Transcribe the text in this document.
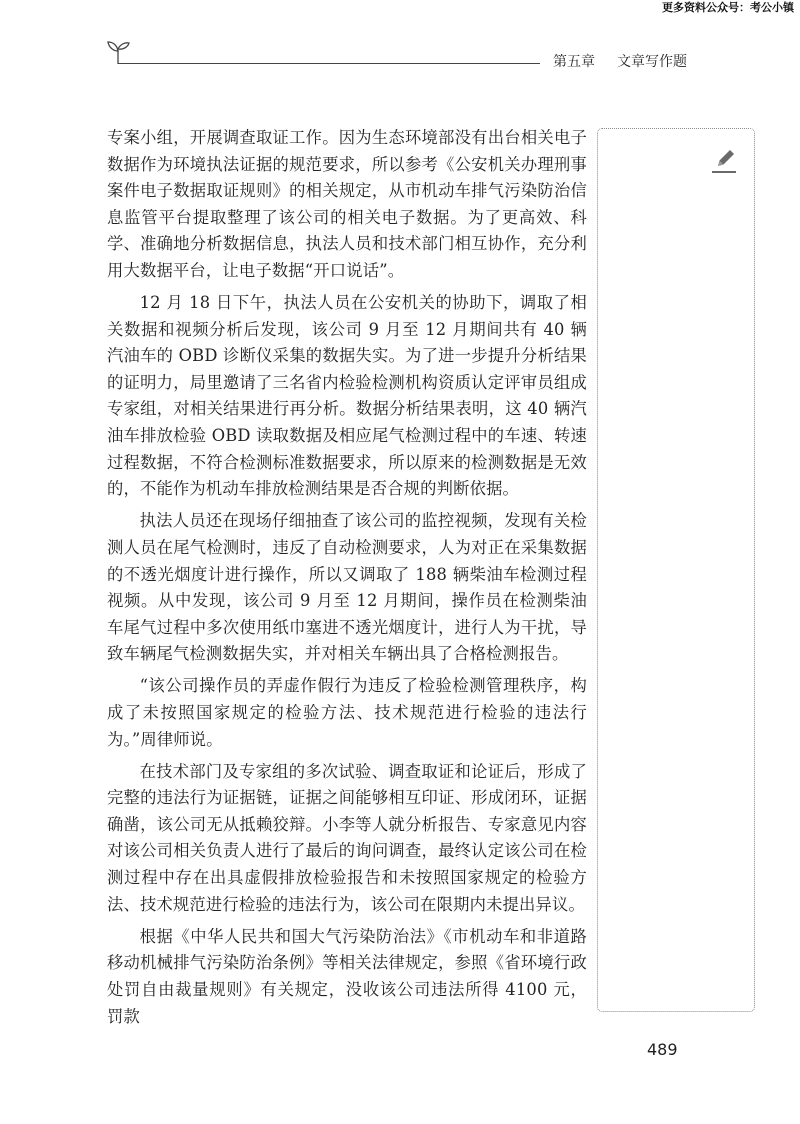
更多资料公众号：考公小镇
第五章 文章写作题

专案小组，开展调查取证工作。因为生态环境部没有出台相关电子数据作为环境执法证据的规范要求，所以参考《公安机关办理刑事案件电子数据取证规则》的相关规定，从市机动车排气污染防治信息监管平台提取整理了该公司的相关电子数据。为了更高效、科学、准确地分析数据信息，执法人员和技术部门相互协作，充分利用大数据平台，让电子数据“开口说话”。

12 月 18 日下午，执法人员在公安机关的协助下，调取了相关数据和视频分析后发现，该公司 9 月至 12 月期间共有 40 辆汽油车的 OBD 诊断仪采集的数据失实。为了进一步提升分析结果的证明力，局里邀请了三名省内检验检测机构资质认定评审员组成专家组，对相关结果进行再分析。数据分析结果表明，这 40 辆汽油车排放检验 OBD 读取数据及相应尾气检测过程中的车速、转速过程数据，不符合检测标准数据要求，所以原来的检测数据是无效的，不能作为机动车排放检测结果是否合规的判断依据。

执法人员还在现场仔细抽查了该公司的监控视频，发现有关检测人员在尾气检测时，违反了自动检测要求，人为对正在采集数据的不透光烟度计进行操作，所以又调取了 188 辆柴油车检测过程视频。从中发现，该公司 9 月至 12 月期间，操作员在检测柴油车尾气过程中多次使用纸巾塞进不透光烟度计，进行人为干扰，导致车辆尾气检测数据失实，并对相关车辆出具了合格检测报告。

“该公司操作员的弄虚作假行为违反了检验检测管理秩序，构成了未按照国家规定的检验方法、技术规范进行检验的违法行为。”周律师说。

在技术部门及专家组的多次试验、调查取证和论证后，形成了完整的违法行为证据链，证据之间能够相互印证、形成闭环，证据确凿，该公司无从抵赖狡辩。小李等人就分析报告、专家意见内容对该公司相关负责人进行了最后的询问调查，最终认定该公司在检测过程中存在出具虚假排放检验报告和未按照国家规定的检验方法、技术规范进行检验的违法行为，该公司在限期内未提出异议。

根据《中华人民共和国大气污染防治法》《市机动车和非道路移动机械排气污染防治条例》等相关法律规定，参照《省环境行政处罚自由裁量规则》有关规定，没收该公司违法所得 4100 元，罚款

489
